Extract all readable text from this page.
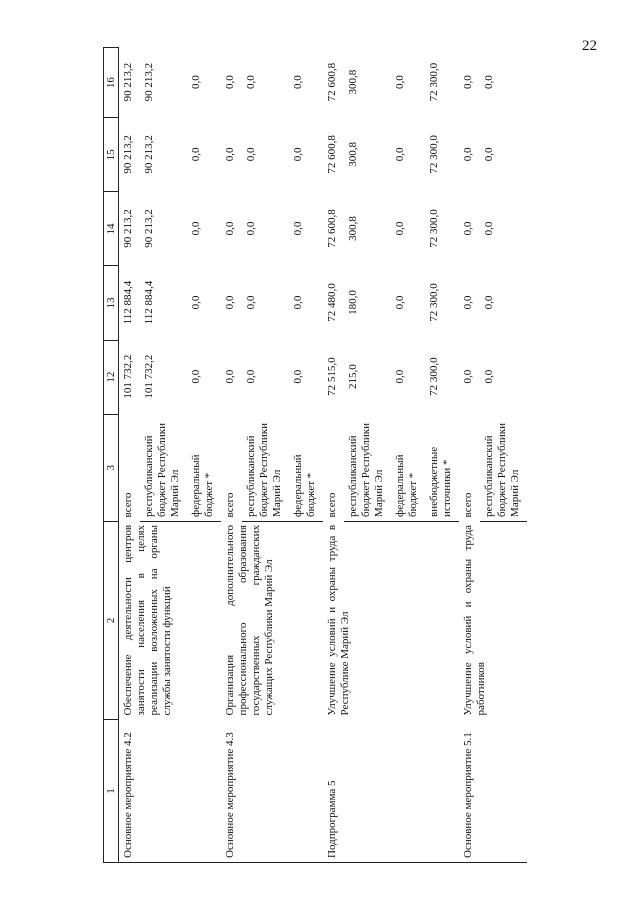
22
1	2	3	12	13	14	15	16
Основное мероприятие 4.2	Обеспечение деятельности центров занятости населения в целях реализации возложенных на органы службы занятости функций	всего	101 732,2	112 884,4	90 213,2	90 213,2	90 213,2
		республиканский бюджет Республики Марий Эл	101 732,2	112 884,4	90 213,2	90 213,2	90 213,2
		федеральный бюджет *	0,0	0,0	0,0	0,0	0,0
Основное мероприятие 4.3	Организация дополнительного профессионального образования государственных гражданских служащих Республики Марий Эл	всего	0,0	0,0	0,0	0,0	0,0
		республиканский бюджет Республики Марий Эл	0,0	0,0	0,0	0,0	0,0
		федеральный бюджет *	0,0	0,0	0,0	0,0	0,0
Подпрограмма 5	Улучшение условий и охраны труда в Республике Марий Эл	всего	72 515,0	72 480,0	72 600,8	72 600,8	72 600,8
		республиканский бюджет Республики Марий Эл	215,0	180,0	300,8	300,8	300,8
		федеральный бюджет *	0,0	0,0	0,0	0,0	0,0
		внебюджетные источники *	72 300,0	72 300,0	72 300,0	72 300,0	72 300,0
Основное мероприятие 5.1	Улучшение условий и охраны труда работников	всего	0,0	0,0	0,0	0,0	0,0
		республиканский бюджет Республики Марий Эл	0,0	0,0	0,0	0,0	0,0
